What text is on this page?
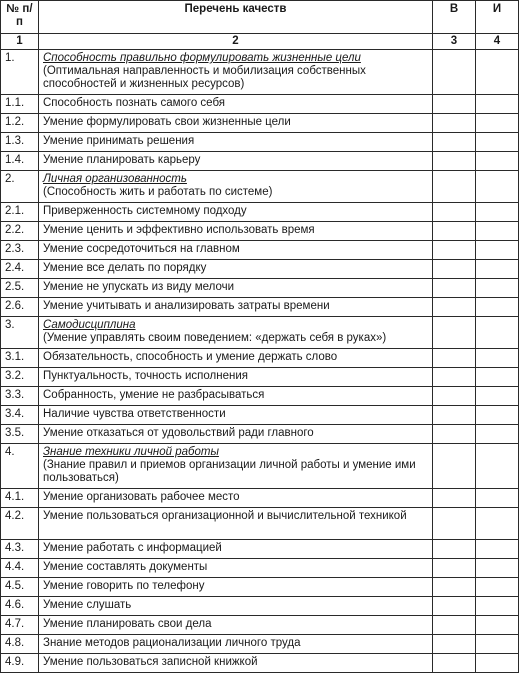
№ п/п	Перечень качеств	В	И
1	2	3	4
1.	Способность правильно формулировать жизненные цели
(Оптимальная направленность и мобилизация собственных способностей и жизненных ресурсов)		

1.1.	Способность познать самого себя		
1.2.	Умение формулировать свои жизненные цели		
1.3.	Умение принимать решения		
1.4.	Умение планировать карьеру		
2.	Личная организованность
(Способность жить и работать по системе)		

2.1.	Приверженность системному подходу		
2.2.	Умение ценить и эффективно использовать время		
2.3.	Умение сосредоточиться на главном		
2.4.	Умение все делать по порядку		
2.5.	Умение не упускать из виду мелочи		
2.6.	Умение учитывать и анализировать затраты времени		
3.	Самодисциплина
(Умение управлять своим поведением: «держать себя в руках»)		

3.1.	Обязательность, способность и умение держать слово		
3.2.	Пунктуальность, точность исполнения		
3.3.	Собранность, умение не разбрасываться		
3.4.	Наличие чувства ответственности		
3.5.	Умение отказаться от удовольствий ради главного		
4.	Знание техники личной работы
(Знание правил и приемов организации личной работы и умение ими пользоваться)		

4.1.	Умение организовать рабочее место		
4.2.	Умение пользоваться организационной и вычислительной техникой		
4.3.	Умение работать с информацией		
4.4.	Умение составлять документы		
4.5.	Умение говорить по телефону		
4.6.	Умение слушать		
4.7.	Умение планировать свои дела		
4.8.	Знание методов рационализации личного труда		
4.9.	Умение пользоваться записной книжкой		
